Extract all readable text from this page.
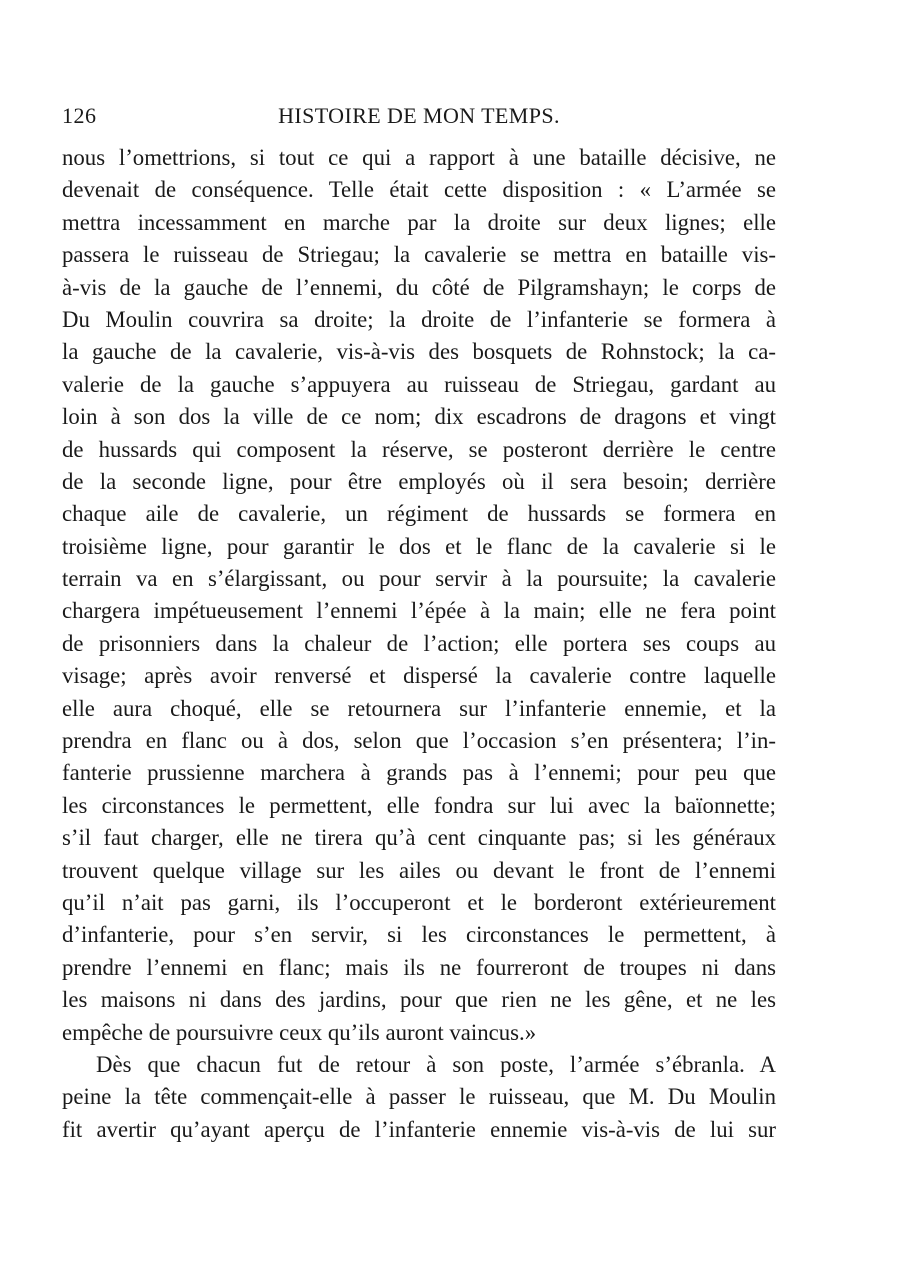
126	HISTOIRE DE MON TEMPS.
nous l’omettrions, si tout ce qui a rapport à une bataille décisive, ne
devenait de conséquence. Telle était cette disposition : « L’armée se
mettra incessamment en marche par la droite sur deux lignes; elle
passera le ruisseau de Striegau; la cavalerie se mettra en bataille vis-
à-vis de la gauche de l’ennemi, du côté de Pilgramshayn; le corps de
Du Moulin couvrira sa droite; la droite de l’infanterie se formera à
la gauche de la cavalerie, vis-à-vis des bosquets de Rohnstock; la ca-
valerie de la gauche s’appuyera au ruisseau de Striegau, gardant au
loin à son dos la ville de ce nom; dix escadrons de dragons et vingt
de hussards qui composent la réserve, se posteront derrière le centre
de la seconde ligne, pour être employés où il sera besoin; derrière
chaque aile de cavalerie, un régiment de hussards se formera en
troisième ligne, pour garantir le dos et le flanc de la cavalerie si le
terrain va en s’élargissant, ou pour servir à la poursuite; la cavalerie
chargera impétueusement l’ennemi l’épée à la main; elle ne fera point
de prisonniers dans la chaleur de l’action; elle portera ses coups au
visage; après avoir renversé et dispersé la cavalerie contre laquelle
elle aura choqué, elle se retournera sur l’infanterie ennemie, et la
prendra en flanc ou à dos, selon que l’occasion s’en présentera; l’in-
fanterie prussienne marchera à grands pas à l’ennemi; pour peu que
les circonstances le permettent, elle fondra sur lui avec la baïonnette;
s’il faut charger, elle ne tirera qu’à cent cinquante pas; si les généraux
trouvent quelque village sur les ailes ou devant le front de l’ennemi
qu’il n’ait pas garni, ils l’occuperont et le borderont extérieurement
d’infanterie, pour s’en servir, si les circonstances le permettent, à
prendre l’ennemi en flanc; mais ils ne fourreront de troupes ni dans
les maisons ni dans des jardins, pour que rien ne les gêne, et ne les
empêche de poursuivre ceux qu’ils auront vaincus.»
Dès que chacun fut de retour à son poste, l’armée s’ébranla. A
peine la tête commençait-elle à passer le ruisseau, que M. Du Moulin
fit avertir qu’ayant aperçu de l’infanterie ennemie vis-à-vis de lui sur
